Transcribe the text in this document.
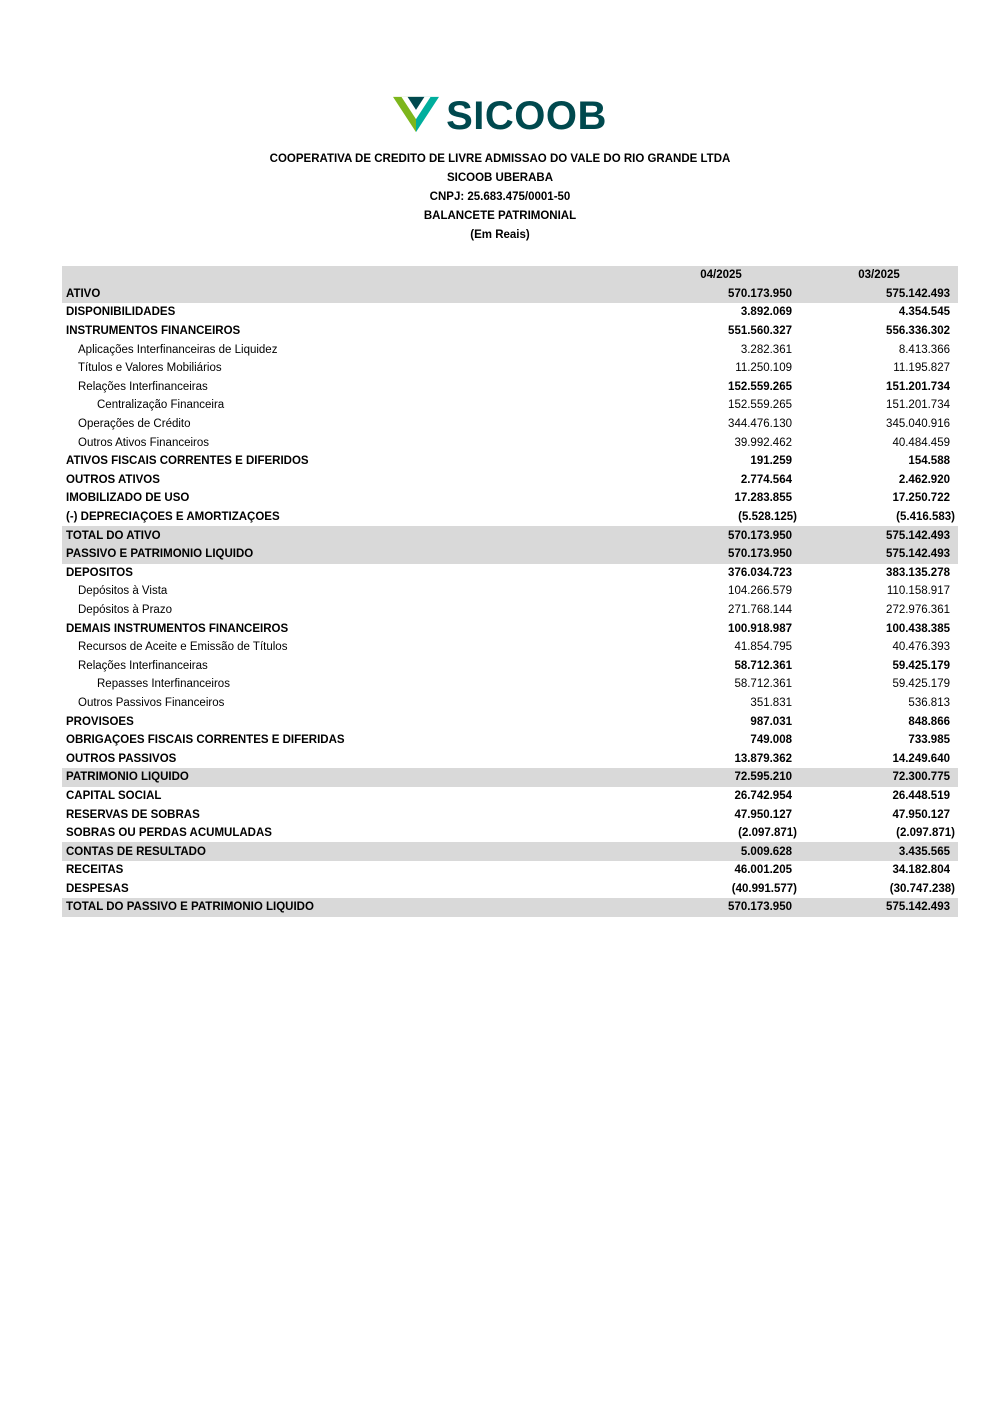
SICOOB
COOPERATIVA DE CREDITO DE LIVRE ADMISSAO DO VALE DO RIO GRANDE LTDA
SICOOB UBERABA
CNPJ: 25.683.475/0001-50
BALANCETE PATRIMONIAL
(Em Reais)
04/2025	03/2025
ATIVO	570.173.950	575.142.493
DISPONIBILIDADES	3.892.069	4.354.545
INSTRUMENTOS FINANCEIROS	551.560.327	556.336.302
Aplicações Interfinanceiras de Liquidez	3.282.361	8.413.366
Títulos e Valores Mobiliários	11.250.109	11.195.827
Relações Interfinanceiras	152.559.265	151.201.734
Centralização Financeira	152.559.265	151.201.734
Operações de Crédito	344.476.130	345.040.916
Outros Ativos Financeiros	39.992.462	40.484.459
ATIVOS FISCAIS CORRENTES E DIFERIDOS	191.259	154.588
OUTROS ATIVOS	2.774.564	2.462.920
IMOBILIZADO DE USO	17.283.855	17.250.722
(-) DEPRECIAÇÕES E AMORTIZAÇÕES	(5.528.125)	(5.416.583)
TOTAL DO ATIVO	570.173.950	575.142.493
PASSIVO E PATRIMÔNIO LÍQUIDO	570.173.950	575.142.493
DEPÓSITOS	376.034.723	383.135.278
Depósitos à Vista	104.266.579	110.158.917
Depósitos à Prazo	271.768.144	272.976.361
DEMAIS INSTRUMENTOS FINANCEIROS	100.918.987	100.438.385
Recursos de Aceite e Emissão de Títulos	41.854.795	40.476.393
Relações Interfinanceiras	58.712.361	59.425.179
Repasses Interfinanceiros	58.712.361	59.425.179
Outros Passivos Financeiros	351.831	536.813
PROVISÕES	987.031	848.866
OBRIGAÇÕES FISCAIS CORRENTES E DIFERIDAS	749.008	733.985
OUTROS PASSIVOS	13.879.362	14.249.640
PATRIMÔNIO LÍQUIDO	72.595.210	72.300.775
CAPITAL SOCIAL	26.742.954	26.448.519
RESERVAS DE SOBRAS	47.950.127	47.950.127
SOBRAS OU PERDAS ACUMULADAS	(2.097.871)	(2.097.871)
CONTAS DE RESULTADO	5.009.628	3.435.565
RECEITAS	46.001.205	34.182.804
DESPESAS	(40.991.577)	(30.747.238)
TOTAL DO PASSIVO E PATRIMÔNIO LÍQUIDO	570.173.950	575.142.493
